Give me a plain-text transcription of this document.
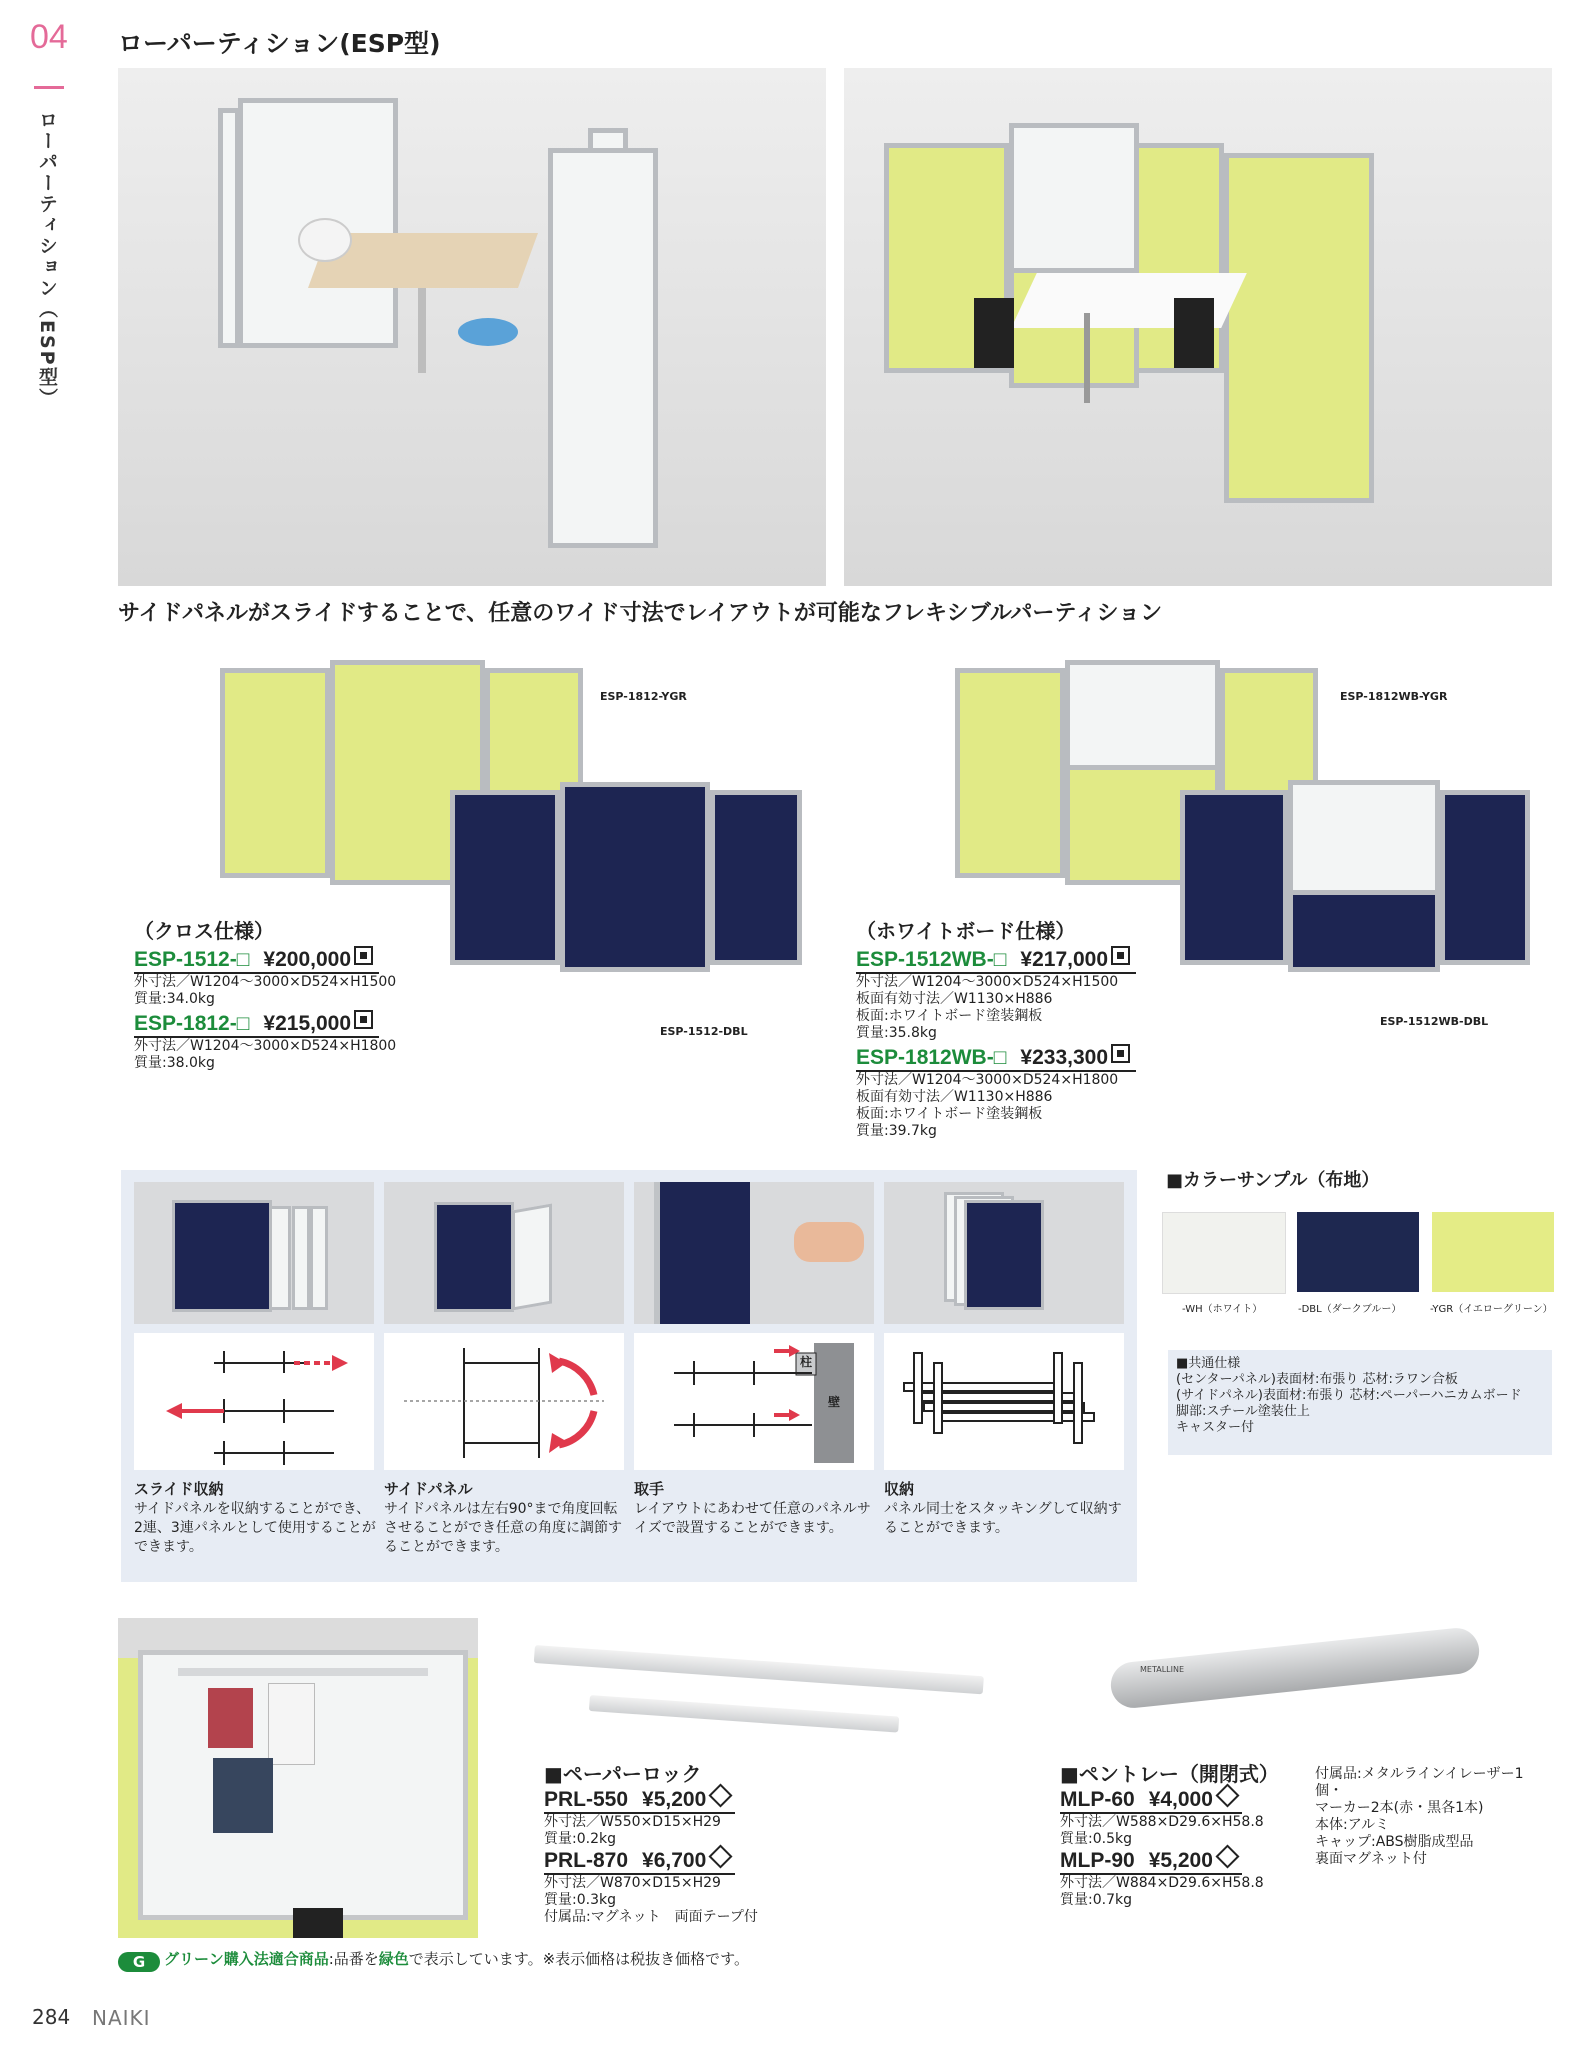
04
ローパーティション（ESP型）
ローパーティション(ESP型)
サイドパネルがスライドすることで、任意のワイド寸法でレイアウトが可能なフレキシブルパーティション
ESP-1812-YGR
ESP-1512-DBL
（クロス仕様）
ESP-1512-□ ¥200,000
外寸法／W1204～3000×D524×H1500
質量:34.0kg
ESP-1812-□ ¥215,000
外寸法／W1204～3000×D524×H1800
質量:38.0kg
ESP-1812WB-YGR
ESP-1512WB-DBL
（ホワイトボード仕様）
ESP-1512WB-□ ¥217,000
外寸法／W1204～3000×D524×H1500
板面有効寸法／W1130×H886
板面:ホワイトボード塗装鋼板
質量:35.8kg
ESP-1812WB-□ ¥233,300
外寸法／W1204～3000×D524×H1800
板面有効寸法／W1130×H886
板面:ホワイトボード塗装鋼板
質量:39.7kg
柱
壁
スライド収納	サイドパネル	取手	収納
サイドパネルを収納することができ、2連、3連パネルとして使用することができます。
サイドパネルは左右90°まで角度回転させることができ任意の角度に調節することができます。
レイアウトにあわせて任意のパネルサイズで設置することができます。
パネル同士をスタッキングして収納することができます。
■カラーサンプル（布地）
-WH（ホワイト）	-DBL（ダークブルー）	-YGR（イエローグリーン）
■共通仕様
(センターパネル)表面材:布張り 芯材:ラワン合板
(サイドパネル)表面材:布張り 芯材:ペーパーハニカムボード
脚部:スチール塗装仕上
キャスター付
METALLINE
■ペーパーロック
PRL-550 ¥5,200
外寸法／W550×D15×H29
質量:0.2kg
PRL-870 ¥6,700
外寸法／W870×D15×H29
質量:0.3kg
付属品:マグネット　両面テープ付
■ペントレー（開閉式）
MLP-60 ¥4,000
外寸法／W588×D29.6×H58.8
質量:0.5kg
MLP-90 ¥5,200
外寸法／W884×D29.6×H58.8
質量:0.7kg
付属品:メタルラインイレーザー1個・
マーカー2本(赤・黒各1本)
本体:アルミ
キャップ:ABS樹脂成型品
裏面マグネット付
G グリーン購入法適合商品:品番を緑色で表示しています。※表示価格は税抜き価格です。
284 NAIKI
